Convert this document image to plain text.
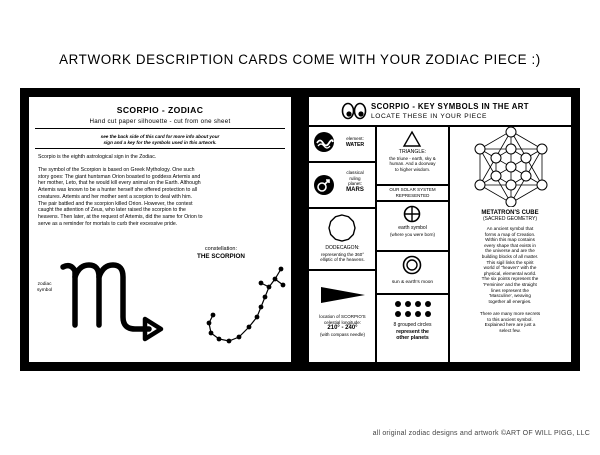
ARTWORK DESCRIPTION CARDS COME WITH YOUR ZODIAC PIECE :)
SCORPIO - ZODIAC
Hand cut paper silhouette - cut from one sheet
see the back side of this card for more info about your
sign and a key for the symbols used in this artwork.
Scorpio is the eighth astrological sign in the Zodiac.
The symbol of the Scorpion is based on Greek Mythology. One such
story goes: The giant huntsman Orion boasted to goddess Artemis and
her mother, Leto, that he would kill every animal on the Earth. Although
Artemis was known to be a hunter herself she offered protection to all
creatures. Artemis and her mother sent a scorpion to deal with him.
The pair battled and the scorpion killed Orion. However, the contest
caught the attention of Zeus, who later raised the scorpion to the
heavens. Then later, at the request of Artemis, did the same for Orion to
serve as a reminder for mortals to curb their excessive pride.
constellation:
THE SCORPION
zodiac
symbol
SCORPIO - KEY SYMBOLS IN THE ART
LOCATE THESE IN YOUR PIECE
element:
WATER
classical
ruling
planet:
MARS
DODECAGON:
representing the 360°
elliptic of the heavens.
location of SCORPIO'S
celestial longitude:
210° - 240°
(with compass needle)
TRIANGLE:
the triune - earth, sky &
human. And a doorway
to higher wisdom.
OUR SOLAR SYSTEM
REPRESENTED
earth symbol
(where you were born)
sun & earth's moon
8 grouped circles
represent the
other planets
METATRON'S CUBE
(SACRED GEOMETRY)
An ancient symbol that
forms a map of Creation.
Within this map contains
every shape that exists in
the universe and are the
building blocks of all matter.
This sigil links the spirit
world of "heaven" with the
physical, elemental world.
The six points represent the
'Feminine' and the straight
lines represent the
'Masculine', weaving
together all energies.
There are many more secrets
to this ancient symbol.
Explained here are just a
select few.
all original zodiac designs and artwork ©ART OF WILL PIGG, LLC
